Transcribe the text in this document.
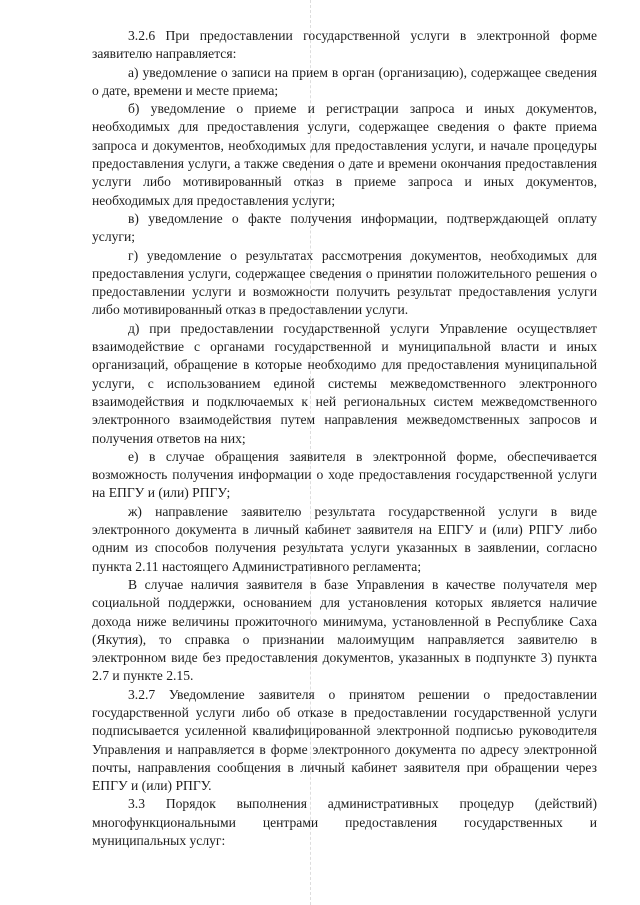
3.2.6 При предоставлении государственной услуги в электронной форме заявителю направляется:

а) уведомление о записи на прием в орган (организацию), содержащее сведения о дате, времени и месте приема;

б) уведомление о приеме и регистрации запроса и иных документов, необходимых для предоставления услуги, содержащее сведения о факте приема запроса и документов, необходимых для предоставления услуги, и начале процедуры предоставления услуги, а также сведения о дате и времени окончания предоставления услуги либо мотивированный отказ в приеме запроса и иных документов, необходимых для предоставления услуги;

в) уведомление о факте получения информации, подтверждающей оплату услуги;

г) уведомление о результатах рассмотрения документов, необходимых для предоставления услуги, содержащее сведения о принятии положительного решения о предоставлении услуги и возможности получить результат предоставления услуги либо мотивированный отказ в предоставлении услуги.

д) при предоставлении государственной услуги Управление осуществляет взаимодействие с органами государственной и муниципальной власти и иных организаций, обращение в которые необходимо для предоставления муниципальной услуги, с использованием единой системы межведомственного электронного взаимодействия и подключаемых к ней региональных систем межведомственного электронного взаимодействия путем направления межведомственных запросов и получения ответов на них;

е) в случае обращения заявителя в электронной форме, обеспечивается возможность получения информации о ходе предоставления государственной услуги на ЕПГУ и (или) РПГУ;

ж) направление заявителю результата государственной услуги в виде электронного документа в личный кабинет заявителя на ЕПГУ и (или) РПГУ либо одним из способов получения результата услуги указанных в заявлении, согласно пункта 2.11 настоящего Административного регламента;

В случае наличия заявителя в базе Управления в качестве получателя мер социальной поддержки, основанием для установления которых является наличие дохода ниже величины прожиточного минимума, установленной в Республике Саха (Якутия), то справка о признании малоимущим направляется заявителю в электронном виде без предоставления документов, указанных в подпункте 3) пункта 2.7 и пункте 2.15.

3.2.7 Уведомление заявителя о принятом решении о предоставлении государственной услуги либо об отказе в предоставлении государственной услуги подписывается усиленной квалифицированной электронной подписью руководителя Управления и направляется в форме электронного документа по адресу электронной почты, направления сообщения в личный кабинет заявителя при обращении через ЕПГУ и (или) РПГУ.

3.3 Порядок выполнения административных процедур (действий) многофункциональными центрами предоставления государственных и муниципальных услуг:
